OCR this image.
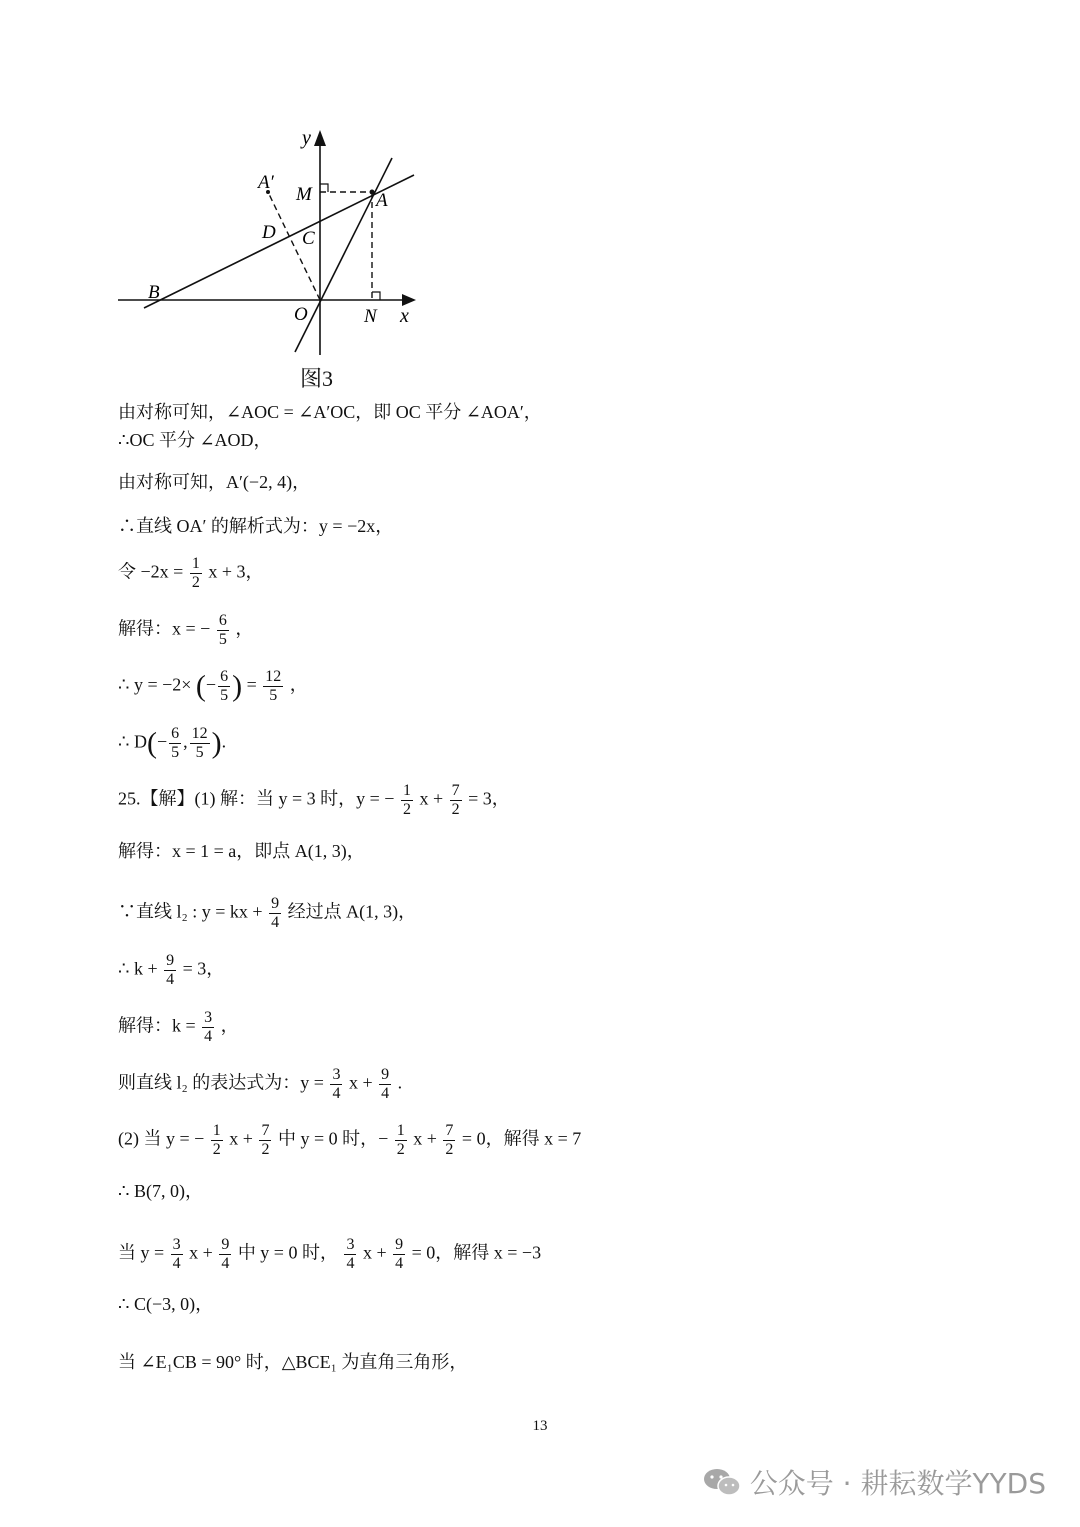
y
x
A′
M	A
D C
B
O	N
图3
由对称可知，∠AOC = ∠A′OC，即 OC 平分 ∠AOA′，
∴OC 平分 ∠AOD，
由对称可知，A′(−2, 4)，
∴直线 OA′ 的解析式为：y = −2x，
令 $-2x = \frac{1}{2}$ x + 3，
解得：x = − $\frac{6}{5}$ ，
∴ y = −2× (− $\frac{6}{5}$ ) = $\frac{12}{5}$ ，
∴ $D(- \frac{6}{5}$ , $\frac{12}{5}$ ).
25.【解】(1) 解：当 y = 3 时，y = − $\frac{1}{2}$ $x + \frac{7}{2} = 3$，
解得：x = 1 = a，即点 A(1, 3)，
∵直线 l₂ : y = kx + $\frac{9}{4}$ 经过点 A(1, 3)，
∴ $k + \frac{9}{4} = 3$，
解得：$k = \frac{3}{4}$ ，
则直线 l₂ 的表达式为：$y = \frac{3}{4}$ $x + \frac{9}{4}$ .
(2) 当 y = − $\frac{1}{2}$ $x + \frac{7}{2}$ 中 y = 0 时，− $\frac{1}{2}$ $x + \frac{7}{2} = 0$，解得 x = 7
∴ B(7, 0)，
当 $y = \frac{3}{4}$ $x + \frac{9}{4}$ 中 y = 0 时， $\frac{3}{4}$ $x + \frac{9}{4} = 0$，解得 x = −3
∴ C(−3, 0)，
当 ∠E₁CB = 90° 时，△BCE₁ 为直角三角形，
13
公众号 · 耕耘数学YYDS
